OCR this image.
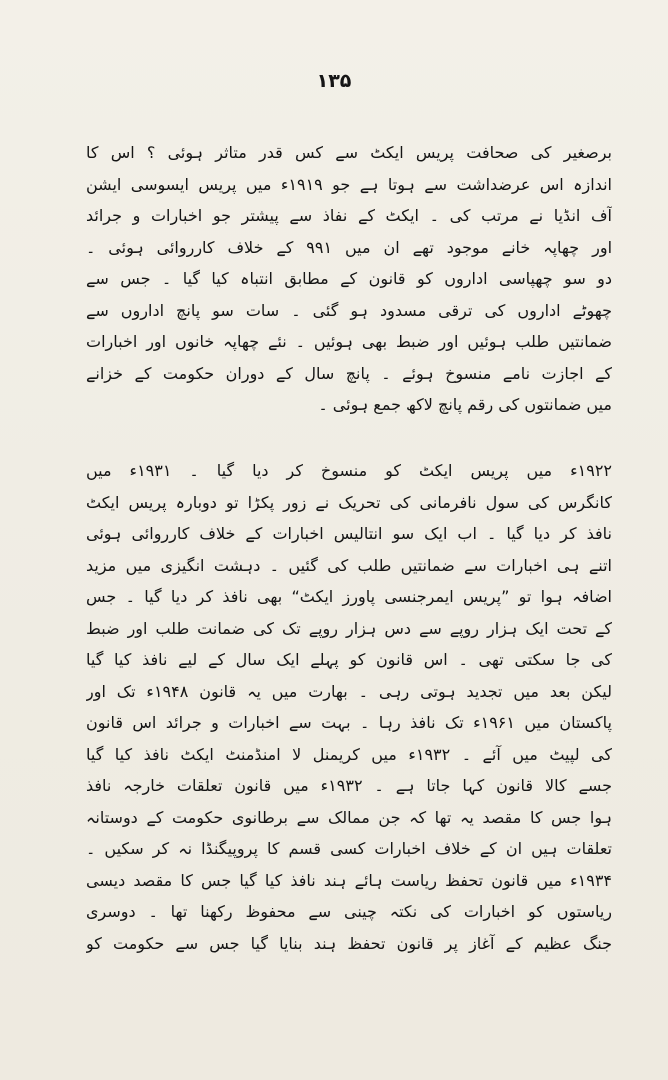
۱۳۵
برصغیر کی صحافت پریس ایکٹ سے کس قدر متاثر ہوئی ؟ اس کا
اندازہ اس عرضداشت سے ہوتا ہے جو ۱۹۱۹ء میں پریس ایسوسی ایشن
آف انڈیا نے مرتب کی ۔ ایکٹ کے نفاذ سے پیشتر جو اخبارات و جرائد
اور چھاپہ خانے موجود تھے ان میں ۹۹۱ کے خلاف کارروائی ہوئی ۔
دو سو چھپاسی اداروں کو قانون کے مطابق انتباہ کیا گیا ۔ جس سے
چھوٹے اداروں کی ترقی مسدود ہو گئی ۔ سات سو پانچ اداروں سے
ضمانتیں طلب ہوئیں اور ضبط بھی ہوئیں ۔ نئے چھاپہ خانوں اور اخبارات
کے اجازت نامے منسوخ ہوئے ۔ پانچ سال کے دوران حکومت کے خزانے
میں ضمانتوں کی رقم پانچ لاکھ جمع ہوئی ۔
۱۹۲۲ء میں پریس ایکٹ کو منسوخ کر دیا گیا ۔ ۱۹۳۱ء میں
کانگرس کی سول نافرمانی کی تحریک نے زور پکڑا تو دوبارہ پریس ایکٹ
نافذ کر دیا گیا ۔ اب ایک سو انتالیس اخبارات کے خلاف کارروائی ہوئی
اتنے ہی اخبارات سے ضمانتیں طلب کی گئیں ۔ دہشت انگیزی میں مزید
اضافہ ہوا تو ”پریس ایمرجنسی پاورز ایکٹ“ بھی نافذ کر دیا گیا ۔ جس
کے تحت ایک ہزار روپے سے دس ہزار روپے تک کی ضمانت طلب اور ضبط
کی جا سکتی تھی ۔ اس قانون کو پہلے ایک سال کے لیے نافذ کیا گیا
لیکن بعد میں تجدید ہوتی رہی ۔ بھارت میں یہ قانون ۱۹۴۸ء تک اور
پاکستان میں ۱۹۶۱ء تک نافذ رہا ۔ بہت سے اخبارات و جرائد اس قانون
کی لپیٹ میں آئے ۔ ۱۹۳۲ء میں کریمنل لا امنڈمنٹ ایکٹ نافذ کیا گیا
جسے کالا قانون کہا جاتا ہے ۔ ۱۹۳۲ء میں قانون تعلقات خارجہ نافذ
ہوا جس کا مقصد یہ تھا کہ جن ممالک سے برطانوی حکومت کے دوستانہ
تعلقات ہیں ان کے خلاف اخبارات کسی قسم کا پروپیگنڈا نہ کر سکیں ۔
۱۹۳۴ء میں قانون تحفظ ریاست ہائے ہند نافذ کیا گیا جس کا مقصد دیسی
ریاستوں کو اخبارات کی نکتہ چینی سے محفوظ رکھنا تھا ۔ دوسری
جنگ عظیم کے آغاز پر قانون تحفظ ہند بنایا گیا جس سے حکومت کو
